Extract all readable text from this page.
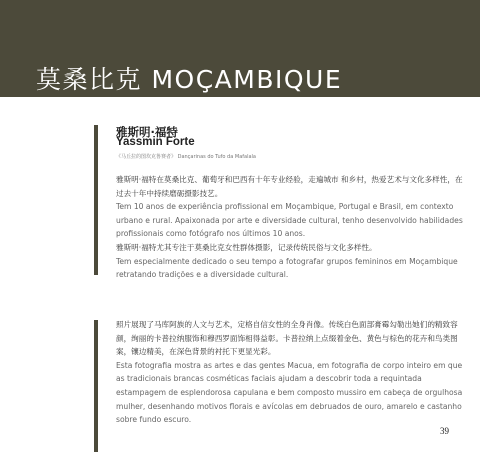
莫桑比克 MOÇAMBIQUE
雅斯明·福特
Yassmin Forte
《马丘拉的图坎克鲁赛者》 Dançarinas do Tufo da Mafalala

雅斯明·福特在莫桑比克、葡萄牙和巴西有十年专业经验，走遍城市 和乡村，热爱艺术与文化多样性，在过去十年中持续磨砺摄影技艺。

Tem 10 anos de experiência profissional em Moçambique, Portugal e Brasil, em contexto urbano e rural. Apaixonada por arte e diversidade cultural, tenho desenvolvido habilidades profissionais como fotógrafo nos últimos 10 anos.

雅斯明·福特尤其专注于莫桑比克女性群体摄影，记录传统民俗与文化多样性。

Tem especialmente dedicado o seu tempo a fotografar grupos femininos em Moçambique retratando tradições e a diversidade cultural.

照片展现了马库阿族的人文与艺术，定格自信女性的全身肖像。传统白色面部膏霉勾勒出她们的精致容颜，绚丽的卡普拉纳服饰和穆西罗面饰相得益彰。卡普拉纳上点缀着金色、黄色与棕色的花卉和鸟类图案，镶边精美，在深色背景的衬托下更显光彩。

Esta fotografia mostra as artes e das gentes Macua, em fotografia de corpo inteiro em que as tradicionais brancas cosméticas faciais ajudam a descobrir toda a requintada estampagem de esplendorosa capulana e bem composto mussiro em cabeça de orgulhosa mulher, desenhando motivos florais e avícolas em debruados de ouro, amarelo e castanho sobre fundo escuro.

39
